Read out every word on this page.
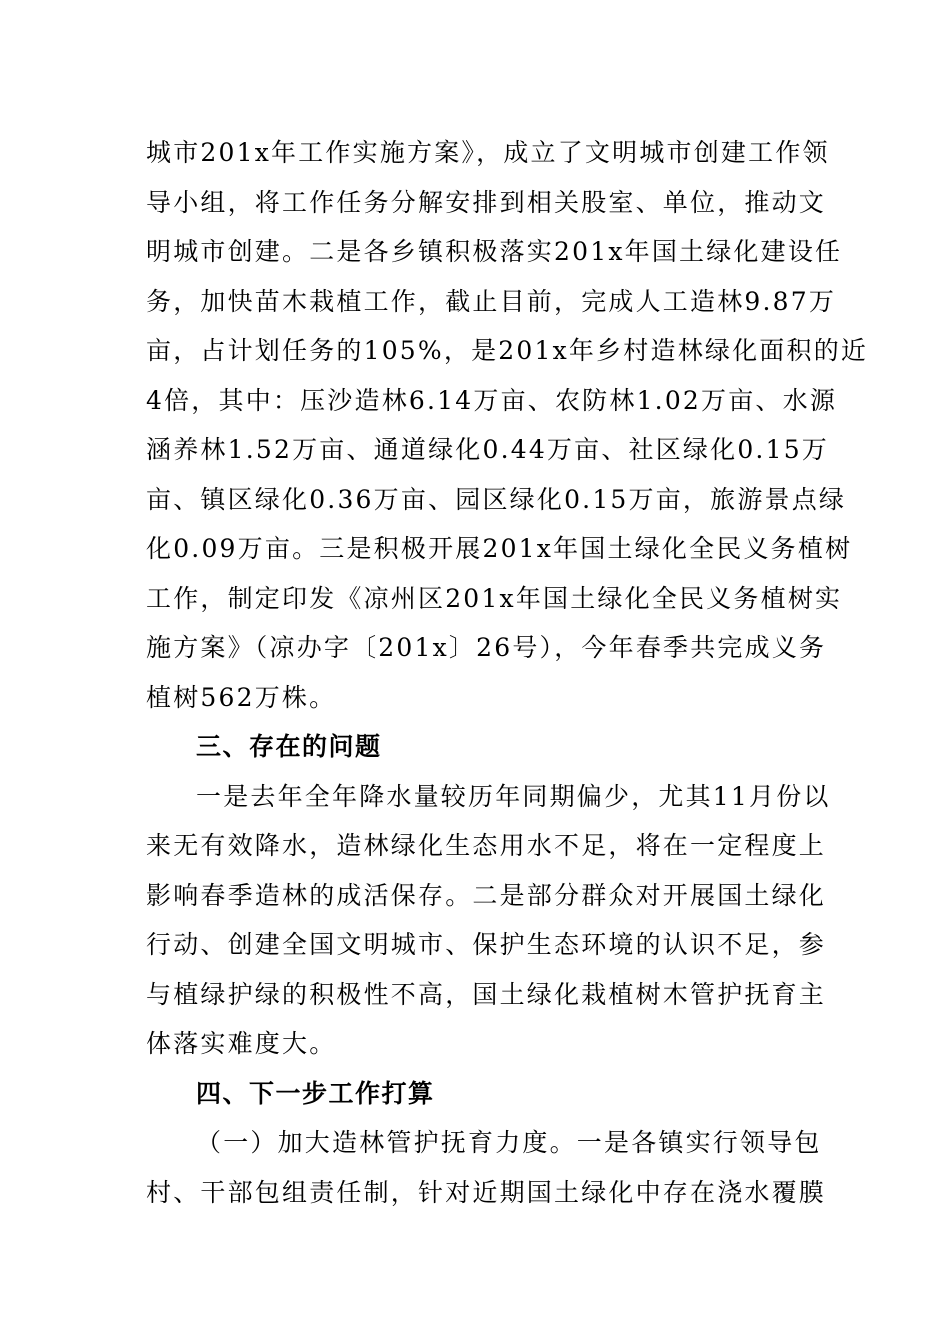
城市201x年工作实施方案》，成立了文明城市创建工作领
导小组，将工作任务分解安排到相关股室、单位，推动文
明城市创建。二是各乡镇积极落实201x年国土绿化建设任
务，加快苗木栽植工作，截止目前，完成人工造林9.87万
亩，占计划任务的105%，是201x年乡村造林绿化面积的近
4倍，其中：压沙造林6.14万亩、农防林1.02万亩、水源
涵养林1.52万亩、通道绿化0.44万亩、社区绿化0.15万
亩、镇区绿化0.36万亩、园区绿化0.15万亩，旅游景点绿
化0.09万亩。三是积极开展201x年国土绿化全民义务植树
工作，制定印发《凉州区201x年国土绿化全民义务植树实
施方案》（凉办字〔201x〕26号），今年春季共完成义务
植树562万株。
三、存在的问题
一是去年全年降水量较历年同期偏少，尤其11月份以
来无有效降水，造林绿化生态用水不足，将在一定程度上
影响春季造林的成活保存。二是部分群众对开展国土绿化
行动、创建全国文明城市、保护生态环境的认识不足，参
与植绿护绿的积极性不高，国土绿化栽植树木管护抚育主
体落实难度大。
四、下一步工作打算
（一）加大造林管护抚育力度。一是各镇实行领导包
村、干部包组责任制，针对近期国土绿化中存在浇水覆膜
